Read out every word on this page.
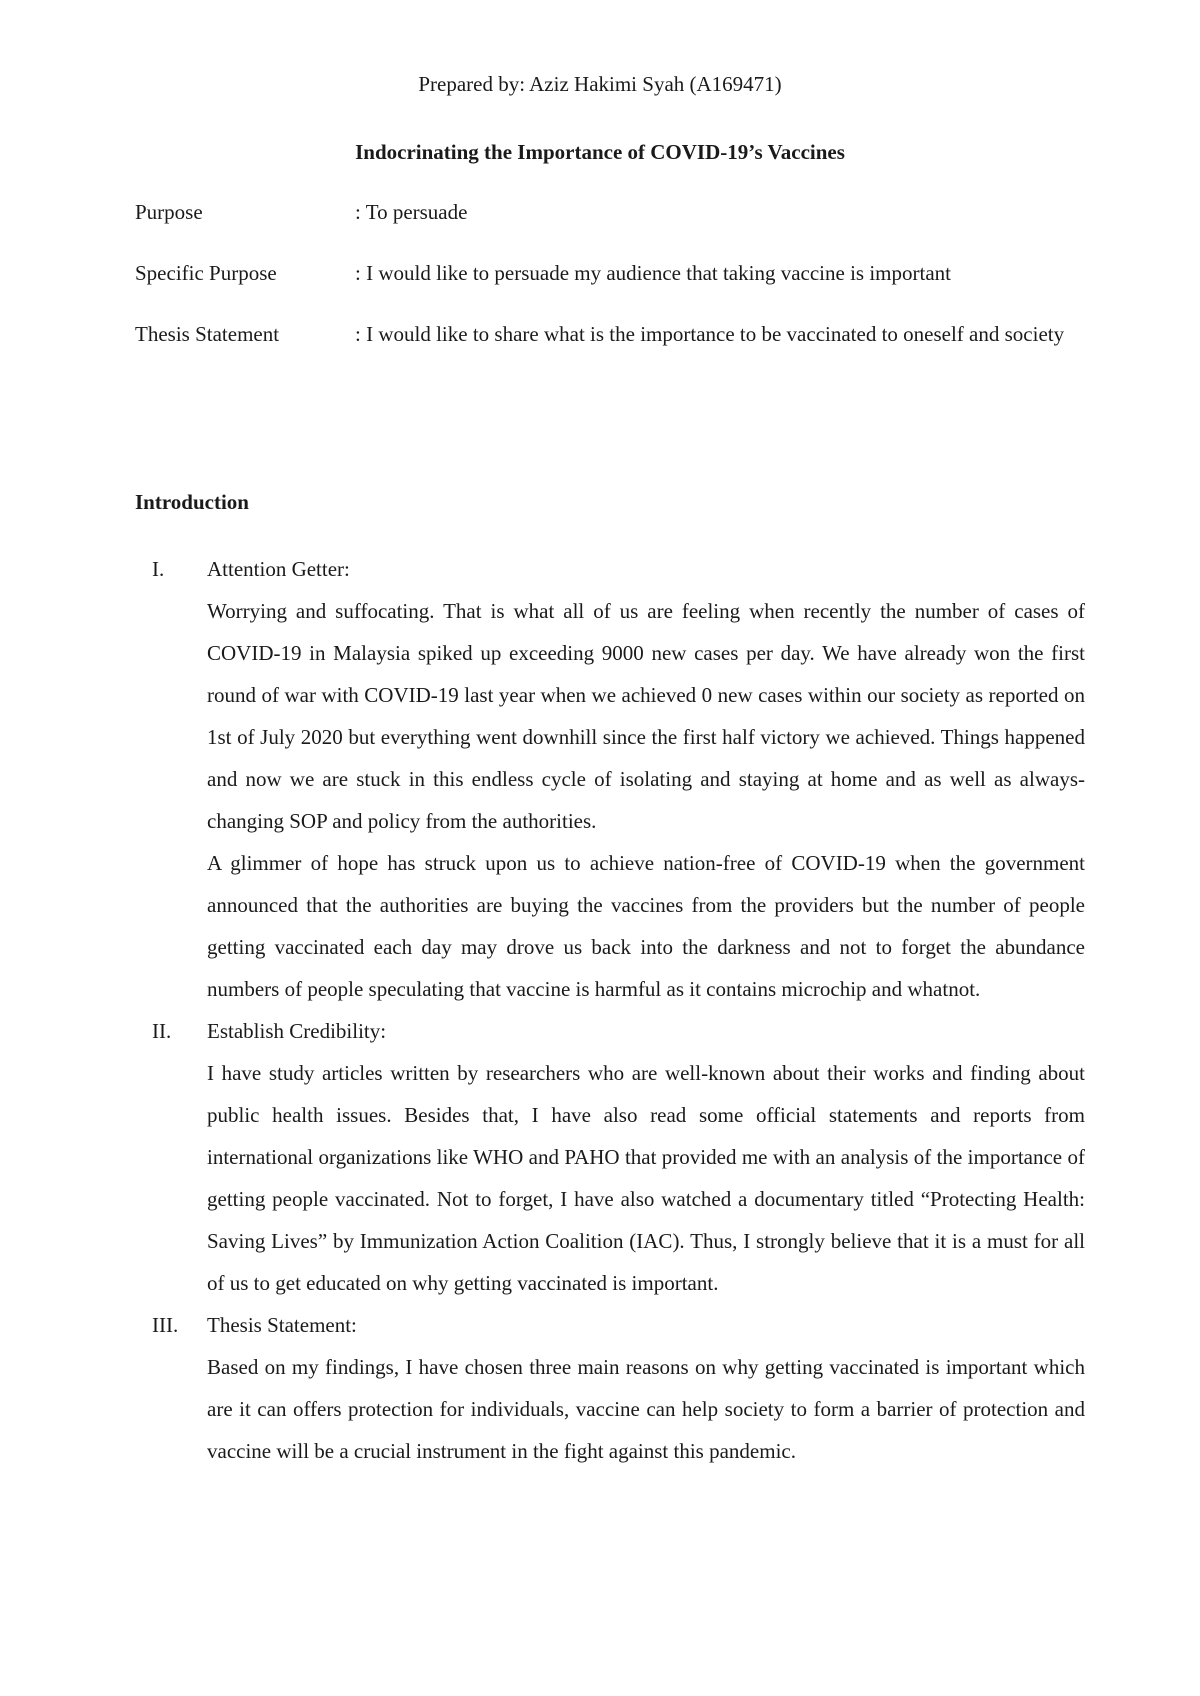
Prepared by: Aziz Hakimi Syah (A169471)
Indocrinating the Importance of COVID-19’s Vaccines
Purpose	: To persuade
Specific Purpose	: I would like to persuade my audience that taking vaccine is important
Thesis Statement	: I would like to share what is the importance to be vaccinated to oneself and society
Introduction
I.	Attention Getter:

Worrying and suffocating. That is what all of us are feeling when recently the number of cases of COVID-19 in Malaysia spiked up exceeding 9000 new cases per day. We have already won the first round of war with COVID-19 last year when we achieved 0 new cases within our society as reported on 1st of July 2020 but everything went downhill since the first half victory we achieved. Things happened and now we are stuck in this endless cycle of isolating and staying at home and as well as always-changing SOP and policy from the authorities.

A glimmer of hope has struck upon us to achieve nation-free of COVID-19 when the government announced that the authorities are buying the vaccines from the providers but the number of people getting vaccinated each day may drove us back into the darkness and not to forget the abundance numbers of people speculating that vaccine is harmful as it contains microchip and whatnot.

II.	Establish Credibility:

I have study articles written by researchers who are well-known about their works and finding about public health issues. Besides that, I have also read some official statements and reports from international organizations like WHO and PAHO that provided me with an analysis of the importance of getting people vaccinated. Not to forget, I have also watched a documentary titled “Protecting Health: Saving Lives” by Immunization Action Coalition (IAC). Thus, I strongly believe that it is a must for all of us to get educated on why getting vaccinated is important.

III.	Thesis Statement:

Based on my findings, I have chosen three main reasons on why getting vaccinated is important which are it can offers protection for individuals, vaccine can help society to form a barrier of protection and vaccine will be a crucial instrument in the fight against this pandemic.
